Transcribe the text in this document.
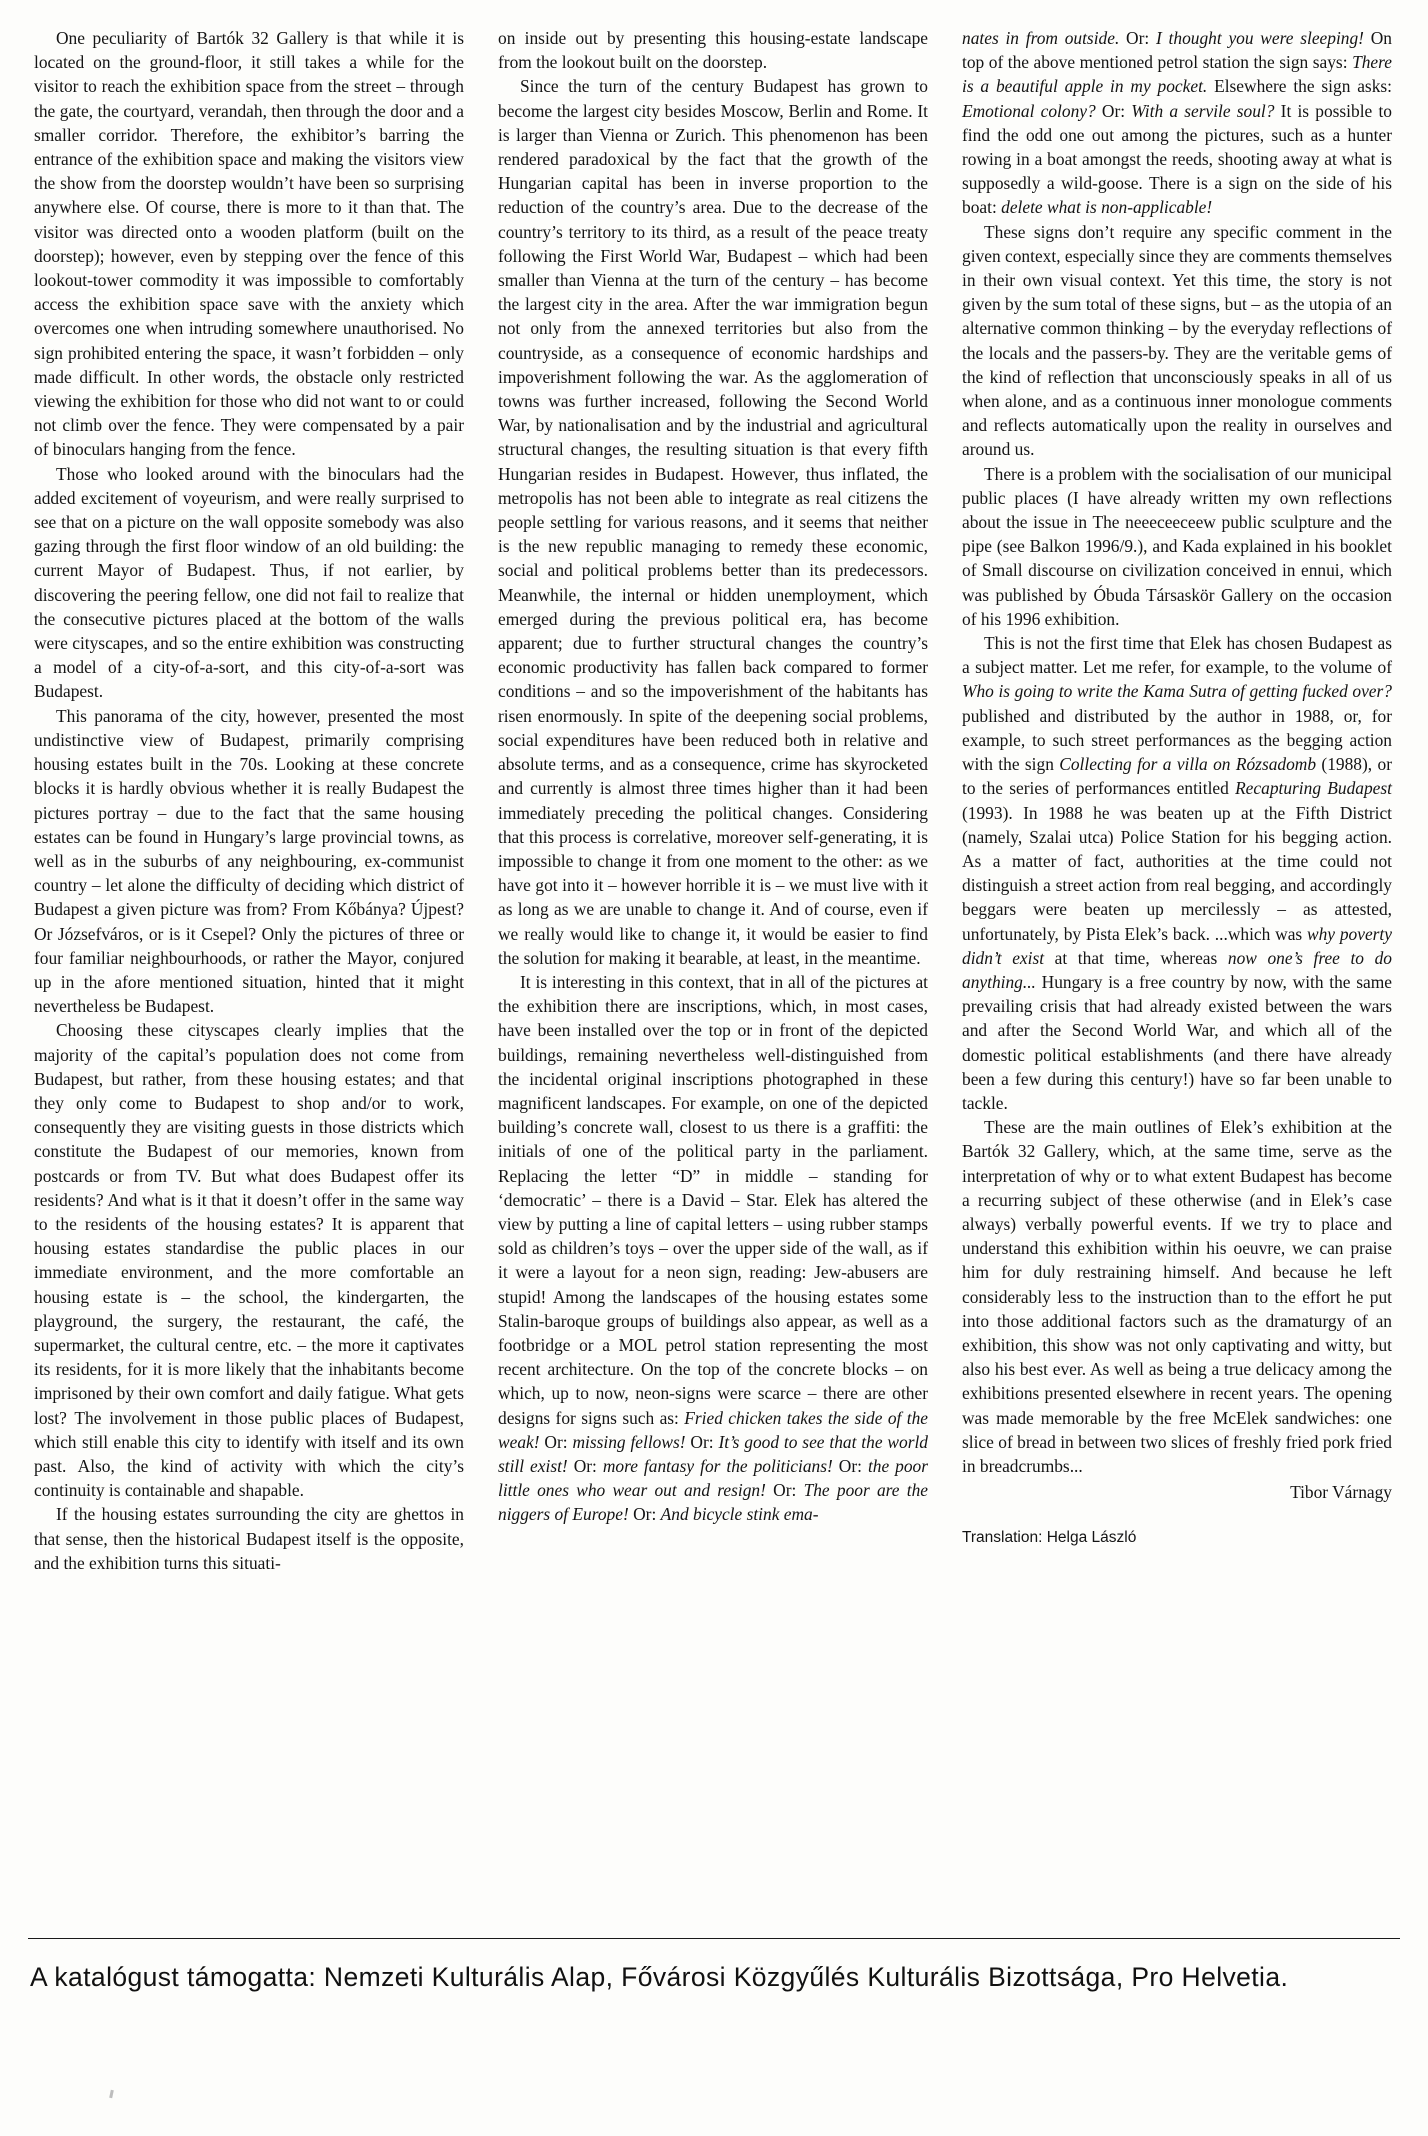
One peculiarity of Bartók 32 Gallery is that while it is located on the ground-floor, it still takes a while for the visitor to reach the exhibition space from the street – through the gate, the courtyard, verandah, then through the door and a smaller corridor. Therefore, the exhibitor’s barring the entrance of the exhibition space and making the visitors view the show from the doorstep wouldn’t have been so surprising anywhere else. Of course, there is more to it than that. The visitor was directed onto a wooden platform (built on the doorstep); however, even by stepping over the fence of this lookout-tower commodity it was impossible to comfortably access the exhibition space save with the anxiety which overcomes one when intruding somewhere unauthorised. No sign prohibited entering the space, it wasn’t forbidden – only made difficult. In other words, the obstacle only restricted viewing the exhibition for those who did not want to or could not climb over the fence. They were compensated by a pair of binoculars hanging from the fence.

Those who looked around with the binoculars had the added excitement of voyeurism, and were really surprised to see that on a picture on the wall opposite somebody was also gazing through the first floor window of an old building: the current Mayor of Budapest. Thus, if not earlier, by discovering the peering fellow, one did not fail to realize that the consecutive pictures placed at the bottom of the walls were cityscapes, and so the entire exhibition was constructing a model of a city-of-a-sort, and this city-of-a-sort was Budapest.

This panorama of the city, however, presented the most undistinctive view of Budapest, primarily comprising housing estates built in the 70s. Looking at these concrete blocks it is hardly obvious whether it is really Budapest the pictures portray – due to the fact that the same housing estates can be found in Hungary’s large provincial towns, as well as in the suburbs of any neighbouring, ex-communist country – let alone the difficulty of deciding which district of Budapest a given picture was from? From Kőbánya? Újpest? Or Józsefváros, or is it Csepel? Only the pictures of three or four familiar neighbourhoods, or rather the Mayor, conjured up in the afore mentioned situation, hinted that it might nevertheless be Budapest.

Choosing these cityscapes clearly implies that the majority of the capital’s population does not come from Budapest, but rather, from these housing estates; and that they only come to Budapest to shop and/or to work, consequently they are visiting guests in those districts which constitute the Budapest of our memories, known from postcards or from TV. But what does Budapest offer its residents? And what is it that it doesn’t offer in the same way to the residents of the housing estates? It is apparent that housing estates standardise the public places in our immediate environment, and the more comfortable an housing estate is – the school, the kindergarten, the playground, the surgery, the restaurant, the café, the supermarket, the cultural centre, etc. – the more it captivates its residents, for it is more likely that the inhabitants become imprisoned by their own comfort and daily fatigue. What gets lost? The involvement in those public places of Budapest, which still enable this city to identify with itself and its own past. Also, the kind of activity with which the city’s continuity is containable and shapable.

If the housing estates surrounding the city are ghettos in that sense, then the historical Budapest itself is the opposite, and the exhibition turns this situati-

on inside out by presenting this housing-estate landscape from the lookout built on the doorstep.

Since the turn of the century Budapest has grown to become the largest city besides Moscow, Berlin and Rome. It is larger than Vienna or Zurich. This phenomenon has been rendered paradoxical by the fact that the growth of the Hungarian capital has been in inverse proportion to the reduction of the country’s area. Due to the decrease of the country’s territory to its third, as a result of the peace treaty following the First World War, Budapest – which had been smaller than Vienna at the turn of the century – has become the largest city in the area. After the war immigration begun not only from the annexed territories but also from the countryside, as a consequence of economic hardships and impoverishment following the war. As the agglomeration of towns was further increased, following the Second World War, by nationalisation and by the industrial and agricultural structural changes, the resulting situation is that every fifth Hungarian resides in Budapest. However, thus inflated, the metropolis has not been able to integrate as real citizens the people settling for various reasons, and it seems that neither is the new republic managing to remedy these economic, social and political problems better than its predecessors. Meanwhile, the internal or hidden unemployment, which emerged during the previous political era, has become apparent; due to further structural changes the country’s economic productivity has fallen back compared to former conditions – and so the impoverishment of the habitants has risen enormously. In spite of the deepening social problems, social expenditures have been reduced both in relative and absolute terms, and as a consequence, crime has skyrocketed and currently is almost three times higher than it had been immediately preceding the political changes. Considering that this process is correlative, moreover self-generating, it is impossible to change it from one moment to the other: as we have got into it – however horrible it is – we must live with it as long as we are unable to change it. And of course, even if we really would like to change it, it would be easier to find the solution for making it bearable, at least, in the meantime.

It is interesting in this context, that in all of the pictures at the exhibition there are inscriptions, which, in most cases, have been installed over the top or in front of the depicted buildings, remaining nevertheless well-distinguished from the incidental original inscriptions photographed in these magnificent landscapes. For example, on one of the depicted building’s concrete wall, closest to us there is a graffiti: the initials of one of the political party in the parliament. Replacing the letter “D” in middle – standing for ‘democratic’ – there is a David – Star. Elek has altered the view by putting a line of capital letters – using rubber stamps sold as children’s toys – over the upper side of the wall, as if it were a layout for a neon sign, reading: Jew-abusers are stupid! Among the landscapes of the housing estates some Stalin-baroque groups of buildings also appear, as well as a footbridge or a MOL petrol station representing the most recent architecture. On the top of the concrete blocks – on which, up to now, neon-signs were scarce – there are other designs for signs such as: Fried chicken takes the side of the weak! Or: missing fellows! Or: It’s good to see that the world still exist! Or: more fantasy for the politicians! Or: the poor little ones who wear out and resign! Or: The poor are the niggers of Europe! Or: And bicycle stink ema-

nates in from outside. Or: I thought you were sleeping! On top of the above mentioned petrol station the sign says: There is a beautiful apple in my pocket. Elsewhere the sign asks: Emotional colony? Or: With a servile soul? It is possible to find the odd one out among the pictures, such as a hunter rowing in a boat amongst the reeds, shooting away at what is supposedly a wild-goose. There is a sign on the side of his boat: delete what is non-applicable!

These signs don’t require any specific comment in the given context, especially since they are comments themselves in their own visual context. Yet this time, the story is not given by the sum total of these signs, but – as the utopia of an alternative common thinking – by the everyday reflections of the locals and the passers-by. They are the veritable gems of the kind of reflection that unconsciously speaks in all of us when alone, and as a continuous inner monologue comments and reflects automatically upon the reality in ourselves and around us.

There is a problem with the socialisation of our municipal public places (I have already written my own reflections about the issue in The neeeceeceew public sculpture and the pipe (see Balkon 1996/9.), and Kada explained in his booklet of Small discourse on civilization conceived in ennui, which was published by Óbuda Társaskör Gallery on the occasion of his 1996 exhibition.

This is not the first time that Elek has chosen Budapest as a subject matter. Let me refer, for example, to the volume of Who is going to write the Kama Sutra of getting fucked over? published and distributed by the author in 1988, or, for example, to such street performances as the begging action with the sign Collecting for a villa on Rózsadomb (1988), or to the series of performances entitled Recapturing Budapest (1993). In 1988 he was beaten up at the Fifth District (namely, Szalai utca) Police Station for his begging action. As a matter of fact, authorities at the time could not distinguish a street action from real begging, and accordingly beggars were beaten up mercilessly – as attested, unfortunately, by Pista Elek’s back. ...which was why poverty didn’t exist at that time, whereas now one’s free to do anything... Hungary is a free country by now, with the same prevailing crisis that had already existed between the wars and after the Second World War, and which all of the domestic political establishments (and there have already been a few during this century!) have so far been unable to tackle.

These are the main outlines of Elek’s exhibition at the Bartók 32 Gallery, which, at the same time, serve as the interpretation of why or to what extent Budapest has become a recurring subject of these otherwise (and in Elek’s case always) verbally powerful events. If we try to place and understand this exhibition within his oeuvre, we can praise him for duly restraining himself. And because he left considerably less to the instruction than to the effort he put into those additional factors such as the dramaturgy of an exhibition, this show was not only captivating and witty, but also his best ever. As well as being a true delicacy among the exhibitions presented elsewhere in recent years. The opening was made memorable by the free McElek sandwiches: one slice of bread in between two slices of freshly fried pork fried in breadcrumbs...

Tibor Várnagy
Translation: Helga László
A katalógust támogatta: Nemzeti Kulturális Alap, Fővárosi Közgyűlés Kulturális Bizottsága, Pro Helvetia.
